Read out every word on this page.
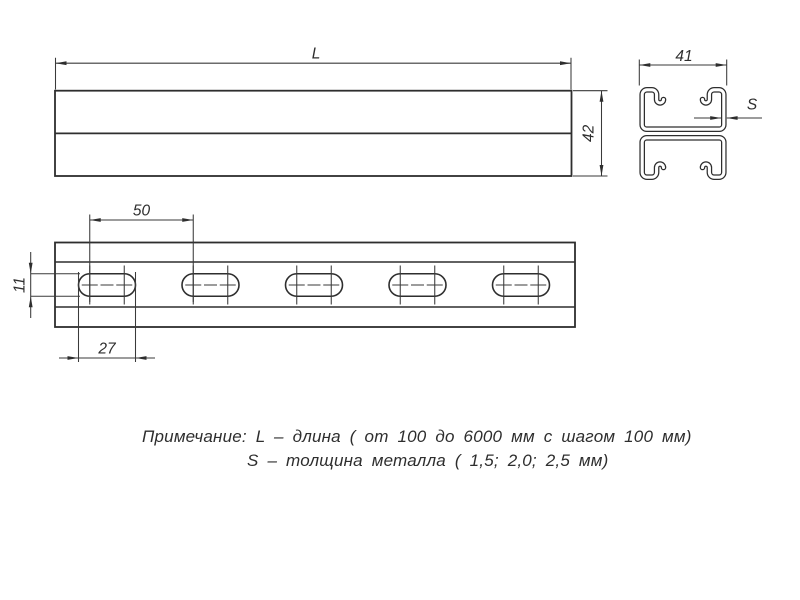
L
42
41
S
50
27
11
Примечание: L – длина ( от 100 до 6000 мм с шагом 100 мм)
S – толщина металла ( 1,5; 2,0; 2,5 мм)
